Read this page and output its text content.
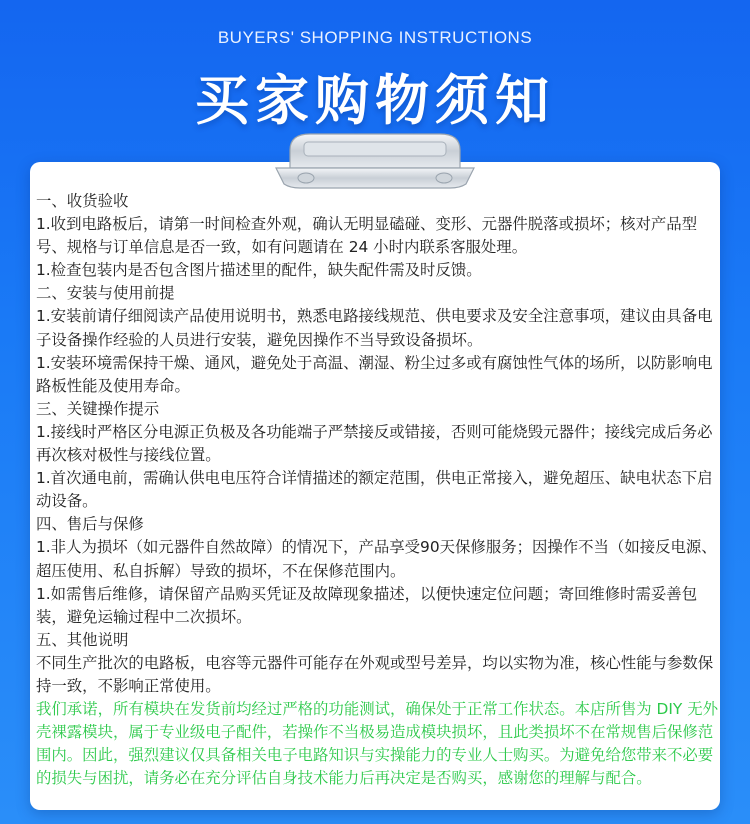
BUYERS' SHOPPING INSTRUCTIONS
买家购物须知

一、收货验收

1.收到电路板后，请第一时间检查外观，确认无明显磕碰、变形、元器件脱落或损坏；核对产品型号、规格与订单信息是否一致，如有问题请在 24 小时内联系客服处理。

1.检查包装内是否包含图片描述里的配件，缺失配件需及时反馈。

二、安装与使用前提

1.安装前请仔细阅读产品使用说明书，熟悉电路接线规范、供电要求及安全注意事项，建议由具备电子设备操作经验的人员进行安装，避免因操作不当导致设备损坏。

1.安装环境需保持干燥、通风，避免处于高温、潮湿、粉尘过多或有腐蚀性气体的场所，以防影响电路板性能及使用寿命。

三、关键操作提示

1.接线时严格区分电源正负极及各功能端子严禁接反或错接，否则可能烧毁元器件；接线完成后务必再次核对极性与接线位置。

1.首次通电前，需确认供电电压符合详情描述的额定范围，供电正常接入，避免超压、缺电状态下启动设备。

四、售后与保修

1.非人为损坏（如元器件自然故障）的情况下，产品享受90天保修服务；因操作不当（如接反电源、超压使用、私自拆解）导致的损坏，不在保修范围内。

1.如需售后维修，请保留产品购买凭证及故障现象描述，以便快速定位问题；寄回维修时需妥善包装，避免运输过程中二次损坏。

五、其他说明

不同生产批次的电路板，电容等元器件可能存在外观或型号差异，均以实物为准，核心性能与参数保持一致，不影响正常使用。

我们承诺，所有模块在发货前均经过严格的功能测试，确保处于正常工作状态。本店所售为 DIY 无外壳裸露模块，属于专业级电子配件，若操作不当极易造成模块损坏，且此类损坏不在常规售后保修范围内。因此，强烈建议仅具备相关电子电路知识与实操能力的专业人士购买。为避免给您带来不必要的损失与困扰，请务必在充分评估自身技术能力后再决定是否购买，感谢您的理解与配合。
